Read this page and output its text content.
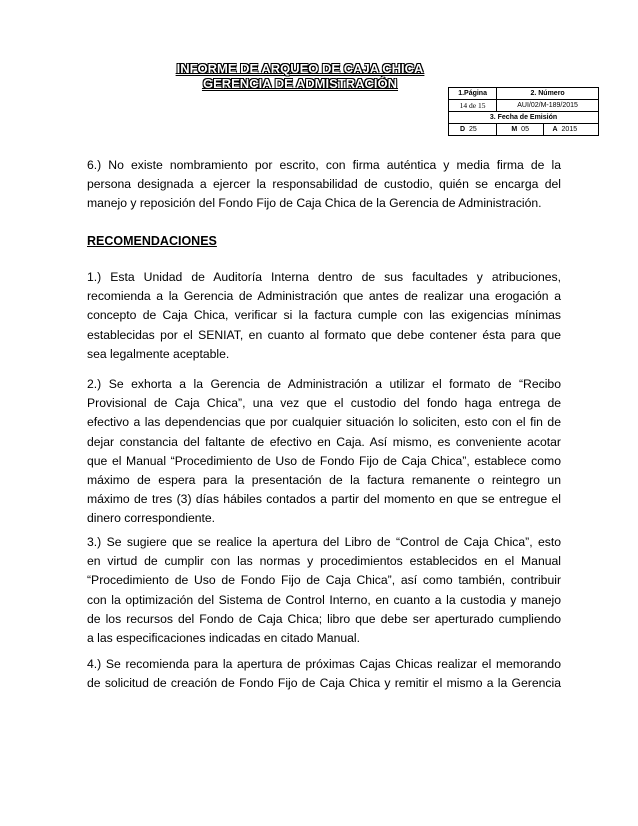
INFORME DE ARQUEO DE CAJA CHICA
GERENCIA DE ADMISTRACIÓN
1.Página		2. Número			
14 de 15		AUI/02/M-189/2015			
3. Fecha de Emisión					
D	25	M	05	A	2015
6.) No existe nombramiento por escrito, con firma auténtica y media firma de la
persona designada a ejercer la responsabilidad de custodio, quién se encarga del
manejo y reposición del Fondo Fijo de Caja Chica de la Gerencia de Administración.
RECOMENDACIONES
1.) Esta Unidad de Auditoría Interna dentro de sus facultades y atribuciones,
recomienda a la Gerencia de Administración que antes de realizar una erogación a
concepto de Caja Chica, verificar si la factura cumple con las exigencias mínimas
establecidas por el SENIAT, en cuanto al formato que debe contener ésta para que
sea legalmente aceptable.
2.) Se exhorta a la Gerencia de Administración a utilizar el formato de “Recibo
Provisional de Caja Chica”, una vez que el custodio del fondo haga entrega de
efectivo a las dependencias que por cualquier situación lo soliciten, esto con el fin de
dejar constancia del faltante de efectivo en Caja. Así mismo, es conveniente acotar
que el Manual “Procedimiento de Uso de Fondo Fijo de Caja Chica”, establece como
máximo de espera para la presentación de la factura remanente o reintegro un
máximo de tres (3) días hábiles contados a partir del momento en que se entregue el
dinero correspondiente.
3.) Se sugiere que se realice la apertura del Libro de “Control de Caja Chica”, esto
en virtud de cumplir con las normas y procedimientos establecidos en el Manual
“Procedimiento de Uso de Fondo Fijo de Caja Chica”, así como también, contribuir
con la optimización del Sistema de Control Interno, en cuanto a la custodia y manejo
de los recursos del Fondo de Caja Chica; libro que debe ser aperturado cumpliendo
a las especificaciones indicadas en citado Manual.
4.) Se recomienda para la apertura de próximas Cajas Chicas realizar el memorando
de solicitud de creación de Fondo Fijo de Caja Chica y remitir el mismo a la Gerencia
